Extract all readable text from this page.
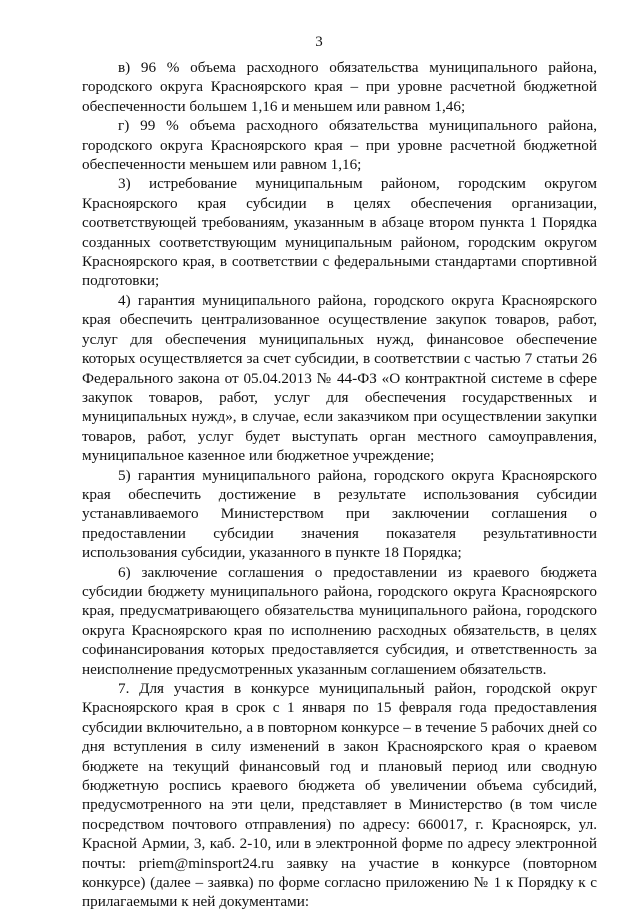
3

в) 96 % объема расходного обязательства муниципального района, городского округа Красноярского края – при уровне расчетной бюджетной обеспеченности большем 1,16 и меньшем или равном 1,46;

г) 99 % объема расходного обязательства муниципального района, городского округа Красноярского края – при уровне расчетной бюджетной обеспеченности меньшем или равном 1,16;

3) истребование муниципальным районом, городским округом Красноярского края субсидии в целях обеспечения организации, соответствующей требованиям, указанным в абзаце втором пункта 1 Порядка созданных соответствующим муниципальным районом, городским округом Красноярского края, в соответствии с федеральными стандартами спортивной подготовки;

4) гарантия муниципального района, городского округа Красноярского края обеспечить централизованное осуществление закупок товаров, работ, услуг для обеспечения муниципальных нужд, финансовое обеспечение которых осуществляется за счет субсидии, в соответствии с частью 7 статьи 26 Федерального закона от 05.04.2013 № 44-ФЗ «О контрактной системе в сфере закупок товаров, работ, услуг для обеспечения государственных и муниципальных нужд», в случае, если заказчиком при осуществлении закупки товаров, работ, услуг будет выступать орган местного самоуправления, муниципальное казенное или бюджетное учреждение;

5) гарантия муниципального района, городского округа Красноярского края обеспечить достижение в результате использования субсидии устанавливаемого Министерством при заключении соглашения о предоставлении субсидии значения показателя результативности использования субсидии, указанного в пункте 18 Порядка;

6) заключение соглашения о предоставлении из краевого бюджета субсидии бюджету муниципального района, городского округа Красноярского края, предусматривающего обязательства муниципального района, городского округа Красноярского края по исполнению расходных обязательств, в целях софинансирования которых предоставляется субсидия, и ответственность за неисполнение предусмотренных указанным соглашением обязательств.

7. Для участия в конкурсе муниципальный район, городской округ Красноярского края в срок с 1 января по 15 февраля года предоставления субсидии включительно, а в повторном конкурсе – в течение 5 рабочих дней со дня вступления в силу изменений в закон Красноярского края о краевом бюджете на текущий финансовый год и плановый период или сводную бюджетную роспись краевого бюджета об увеличении объема субсидий, предусмотренного на эти цели, представляет в Министерство (в том числе посредством почтового отправления) по адресу: 660017, г. Красноярск, ул. Красной Армии, 3, каб. 2-10, или в электронной форме по адресу электронной почты: priem@minsport24.ru заявку на участие в конкурсе (повторном конкурсе) (далее – заявка) по форме согласно приложению № 1 к Порядку к с прилагаемыми к ней документами:
